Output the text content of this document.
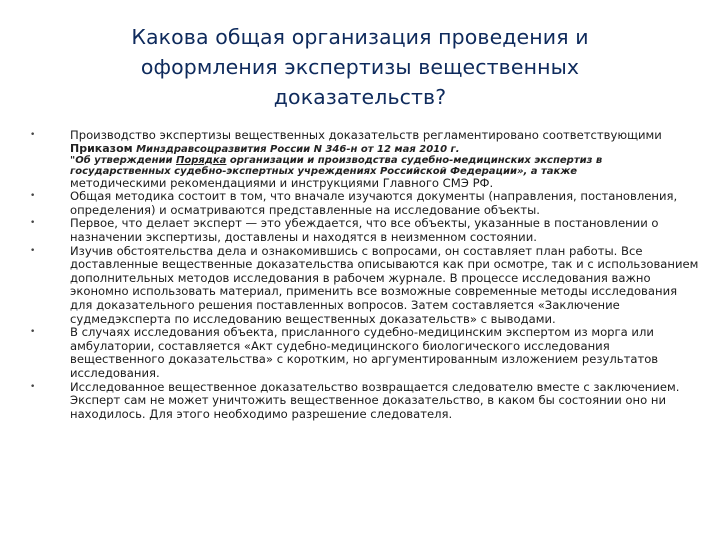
Какова общая организация проведения и
оформления экспертизы вещественных
доказательств?
•	Производство экспертизы вещественных доказательств регламентировано соответствующими
Приказом Минздравсоцразвития России N 346-н от 12 мая 2010 г.
"Об утверждении Порядка организации и производства судебно-медицинских экспертиз в
государственных судебно-экспертных учреждениях Российской Федерации», а также
методическими рекомендациями и инструкциями Главного СМЭ РФ.
•	Общая методика состоит в том, что вначале изучаются документы (направления, постановления, определения) и осматриваются представленные на исследование объекты.
•	Первое, что делает эксперт — это убеждается, что все объекты, указанные в постановлении о назначении экспертизы, доставлены и находятся в неизменном состоянии.
•	Изучив обстоятельства дела и ознакомившись с вопросами, он составляет план работы. Все доставленные вещественные доказательства описываются как при осмотре, так и с использованием дополнительных методов исследования в рабочем журнале. В процессе исследования важно экономно использовать материал, применить все возможные современные методы исследования для доказательного решения поставленных вопросов. Затем составляется «Заключение судмедэксперта по исследованию вещественных доказательств» с выводами.
•	В случаях исследования объекта, присланного судебно-медицинским экспертом из морга или амбулатории, составляется «Акт судебно-медицинского биологического исследования вещественного доказательства» с коротким, но аргументированным изложением результатов исследования.
•	Исследованное вещественное доказательство возвращается следователю вместе с заключением. Эксперт сам не может уничтожить вещественное доказательство, в каком бы состоянии оно ни находилось. Для этого необходимо разрешение следователя.
